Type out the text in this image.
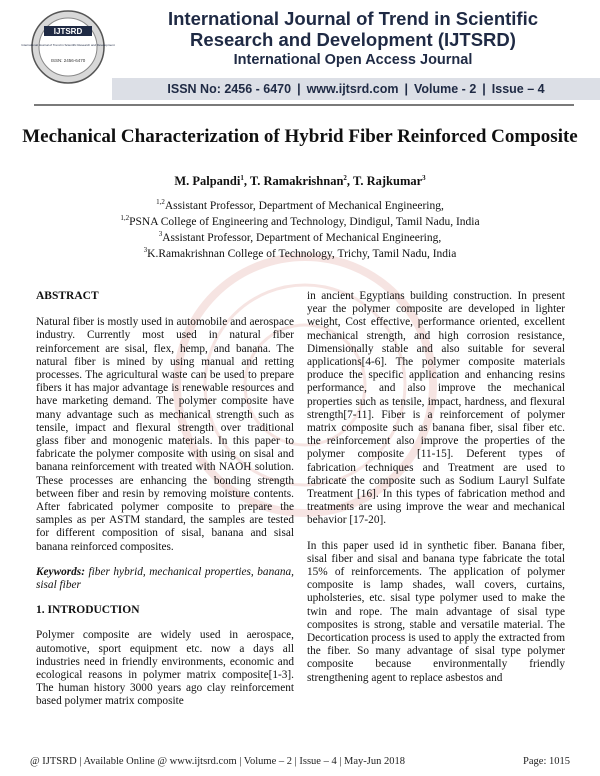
IJTSRD
International Journal of Trend in Scientific Research and Development
ISSN: 2456-6470
International Journal of Trend in Scientific
Research and Development (IJTSRD)
International Open Access Journal
ISSN No: 2456 - 6470 | www.ijtsrd.com | Volume - 2 | Issue – 4
Mechanical Characterization of Hybrid Fiber Reinforced Composite
M. Palpandi$^1$, T. Ramakrishnan$^2$, T. Rajkumar$^3$
$^{1,2}$Assistant Professor, Department of Mechanical Engineering,
$^{1,2}$PSNA College of Engineering and Technology, Dindigul, Tamil Nadu, India
$^3$Assistant Professor, Department of Mechanical Engineering,
$^3$K.Ramakrishnan College of Technology, Trichy, Tamil Nadu, India

ABSTRACT

Natural fiber is mostly used in automobile and aerospace industry. Currently most used in natural fiber reinforcement are sisal, flex, hemp, and banana. The natural fiber is mined by using manual and retting processes. The agricultural waste can be used to prepare fibers it has major advantage is renewable resources and have marketing demand. The polymer composite have many advantage such as mechanical strength such as tensile, impact and flexural strength over traditional glass fiber and monogenic materials. In this paper to fabricate the polymer composite with using on sisal and banana reinforcement with treated with NAOH solution. These processes are enhancing the bonding strength between fiber and resin by removing moisture contents. After fabricated polymer composite to prepare the samples as per ASTM standard, the samples are tested for different composition of sisal, banana and sisal banana reinforced composites.

Keywords: fiber hybrid, mechanical properties, banana, sisal fiber

1. INTRODUCTION

Polymer composite are widely used in aerospace, automotive, sport equipment etc. now a days all industries need in friendly environments, economic and ecological reasons in polymer matrix composite[1-3]. The human history 3000 years ago clay reinforcement based polymer matrix composite

in ancient Egyptians building construction. In present year the polymer composite are developed in lighter weight, Cost effective, performance oriented, excellent mechanical strength, and high corrosion resistance, Dimensionally stable and also suitable for several applications[4-6]. The polymer composite materials produce the specific application and enhancing resins performance, and also improve the mechanical properties such as tensile, impact, hardness, and flexural strength[7-11]. Fiber is a reinforcement of polymer matrix composite such as banana fiber, sisal fiber etc. the reinforcement also improve the properties of the polymer composite [11-15]. Deferent types of fabrication techniques and Treatment are used to fabricate the composite such as Sodium Lauryl Sulfate Treatment [16]. In this types of fabrication method and treatments are using improve the wear and mechanical behavior [17-20].

In this paper used id in synthetic fiber. Banana fiber, sisal fiber and sisal and banana type fabricate the total 15% of reinforcements. The application of polymer composite is lamp shades, wall covers, curtains, upholsteries, etc. sisal type polymer used to make the twin and rope. The main advantage of sisal type composites is strong, stable and versatile material. The Decortication process is used to apply the extracted from the fiber. So many advantage of sisal type polymer composite because environmentally friendly strengthening agent to replace asbestos and

@ IJTSRD | Available Online @ www.ijtsrd.com | Volume – 2 | Issue – 4 | May-Jun 2018	Page: 1015
